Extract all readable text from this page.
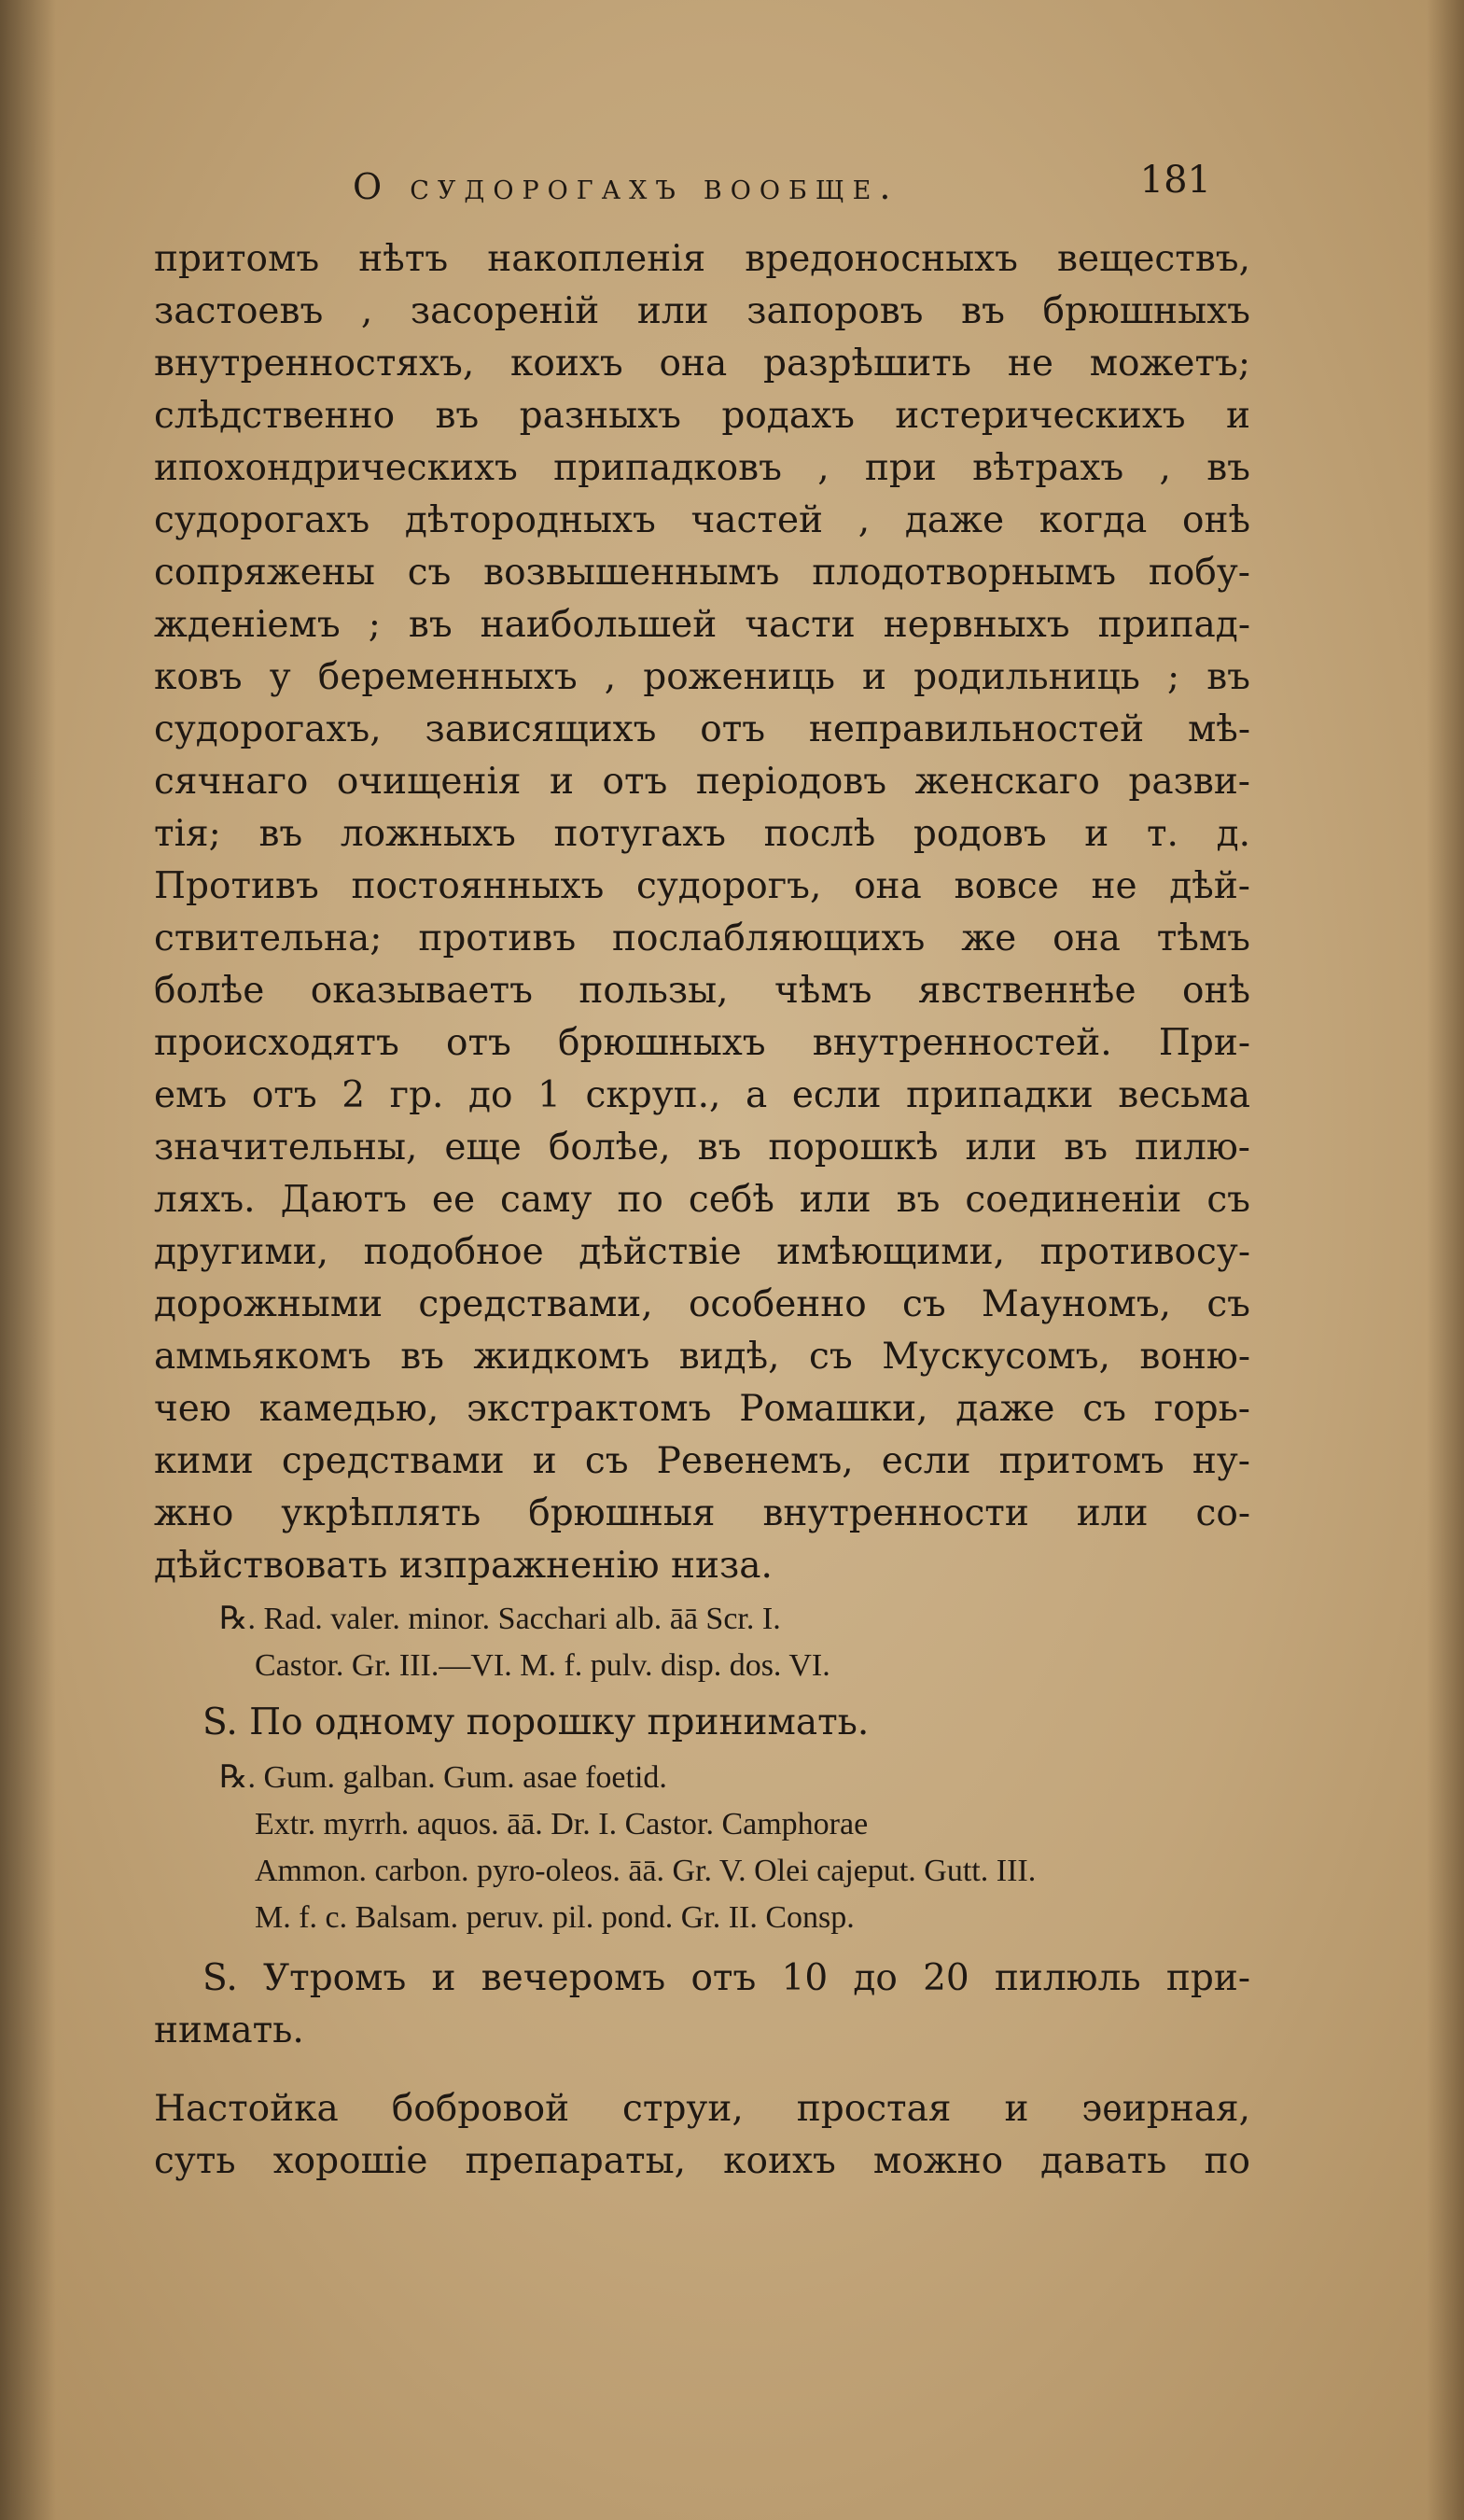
О судорогахъ вообще.	181
притомъ нѣтъ накопленія вредоносныхъ веществъ,
застоевъ , засореній или запоровъ въ брюшныхъ
внутренностяхъ, коихъ она разрѣшить не можетъ;
слѣдственно въ разныхъ родахъ истерическихъ и
ипохондрическихъ припадковъ , при вѣтрахъ , въ
судорогахъ дѣтородныхъ частей , даже когда онѣ
сопряжены съ возвышеннымъ плодотворнымъ побу-
жденіемъ ; въ наибольшей части нервныхъ припад-
ковъ у беременныхъ , рожениць и родильниць ; въ
судорогахъ, зависящихъ отъ неправильностей мѣ-
сячнаго очищенія и отъ періодовъ женскаго разви-
тія; въ ложныхъ потугахъ послѣ родовъ и т. д.
Противъ постоянныхъ судорогъ, она вовсе не дѣй-
ствительна; противъ послабляющихъ же она тѣмъ
болѣе оказываетъ пользы, чѣмъ явственнѣе онѣ
происходятъ отъ брюшныхъ внутренностей. При-
емъ отъ 2 гр. до 1 скруп., а если припадки весьма
значительны, еще болѣе, въ порошкѣ или въ пилю-
ляхъ. Даютъ ее саму по себѣ или въ соединеніи съ
другими, подобное дѣйствіе имѣющими, противосу-
дорожными средствами, особенно съ Мауномъ, съ
аммьякомъ въ жидкомъ видѣ, съ Мускусомъ, воню-
чею камедью, экстрактомъ Ромашки, даже съ горь-
кими средствами и съ Ревенемъ, если притомъ ну-
жно укрѣплять брюшныя внутренности или со-
дѣйствовать изпражненію низа.
℞. Rad. valer. minor. Sacchari alb. āā Scr. I.
Castor. Gr. III.—VI. M. f. pulv. disp. dos. VI.
S. По одному порошку принимать.
℞. Gum. galban. Gum. asae foetid.
Extr. myrrh. aquos. āā. Dr. I. Castor. Camphorae
Ammon. carbon. pyro-oleos. āā. Gr. V. Olei cajeput. Gutt. III.
M. f. c. Balsam. peruv. pil. pond. Gr. II. Consp.
S. Утромъ и вечеромъ отъ 10 до 20 пилюль при-
нимать.
Настойка бобровой струи, простая и эѳирная,
суть хорошіе препараты, коихъ можно давать по
